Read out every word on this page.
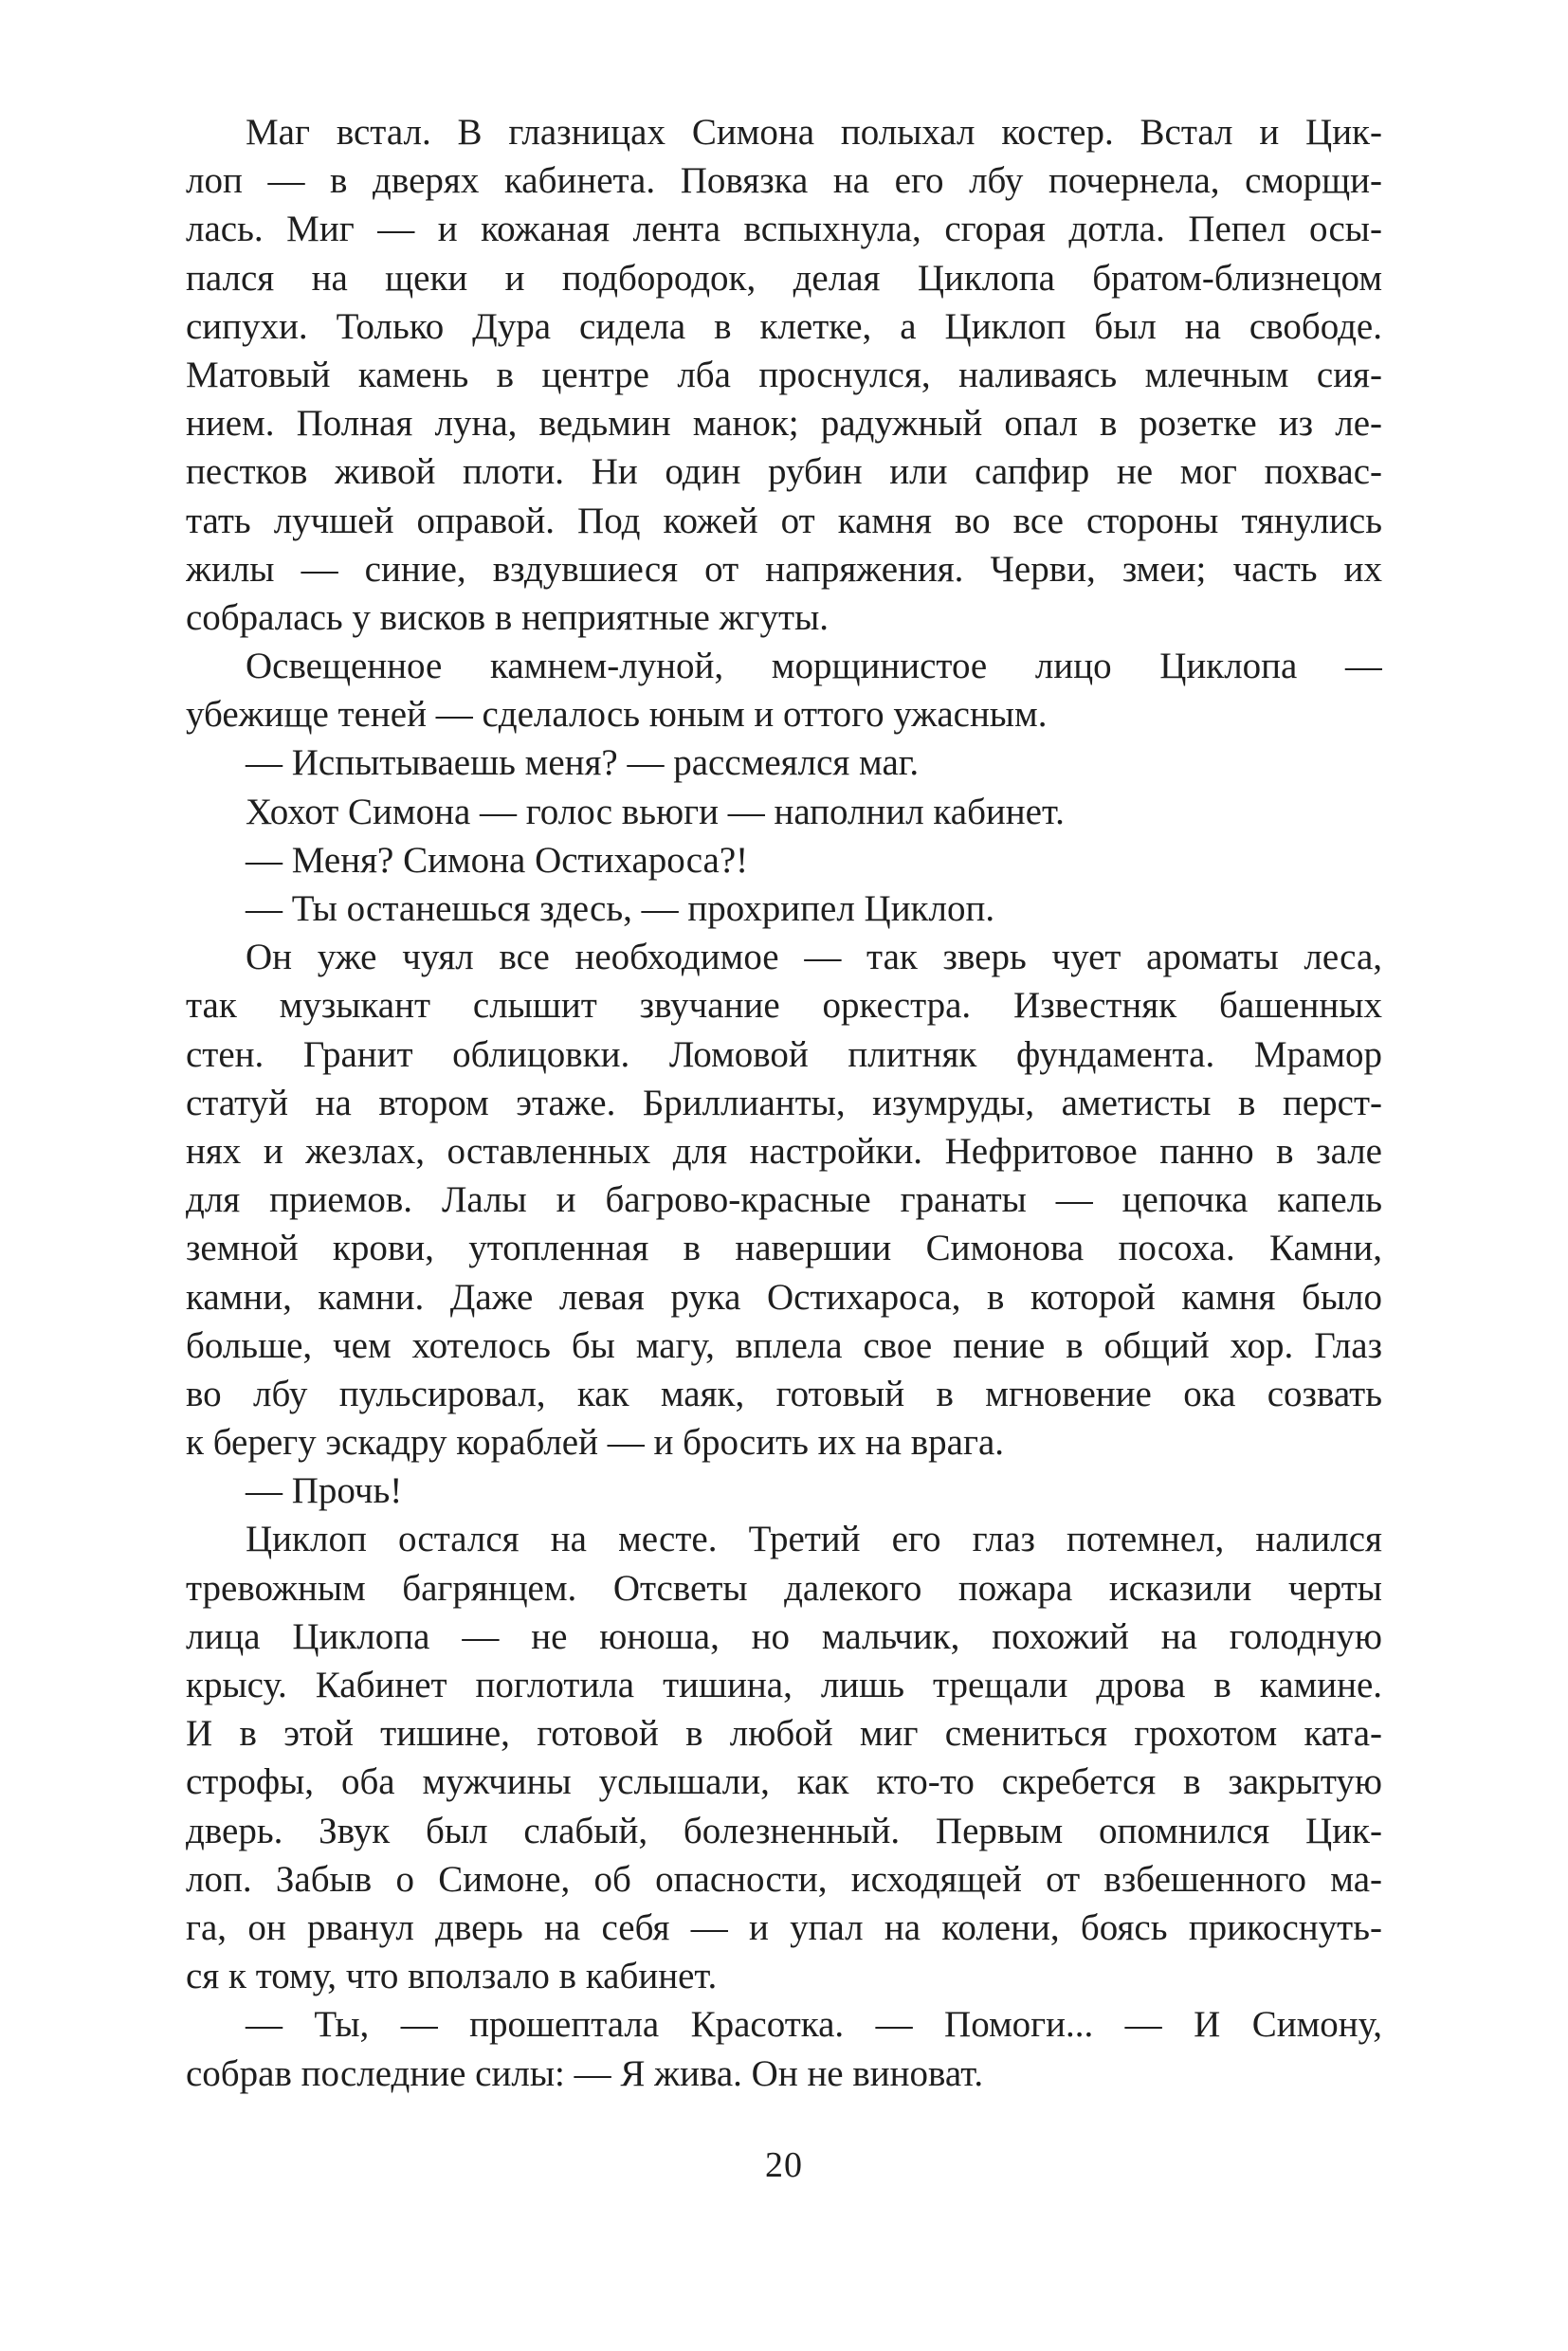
Маг встал. В глазницах Симона полыхал костер. Встал и Цик-
лоп — в дверях кабинета. Повязка на его лбу почернела, сморщи-
лась. Миг — и кожаная лента вспыхнула, сгорая дотла. Пепел осы-
пался на щеки и подбородок, делая Циклопа братом-близнецом
сипухи. Только Дура сидела в клетке, а Циклоп был на свободе.
Матовый камень в центре лба проснулся, наливаясь млечным сия-
нием. Полная луна, ведьмин манок; радужный опал в розетке из ле-
пестков живой плоти. Ни один рубин или сапфир не мог похвас-
тать лучшей оправой. Под кожей от камня во все стороны тянулись
жилы — синие, вздувшиеся от напряжения. Черви, змеи; часть их
собралась у висков в неприятные жгуты.
Освещенное камнем-луной, морщинистое лицо Циклопа —
убежище теней — сделалось юным и оттого ужасным.
— Испытываешь меня? — рассмеялся маг.
Хохот Симона — голос вьюги — наполнил кабинет.
— Меня? Симона Остихароса?!
— Ты останешься здесь, — прохрипел Циклоп.
Он уже чуял все необходимое — так зверь чует ароматы леса,
так музыкант слышит звучание оркестра. Известняк башенных
стен. Гранит облицовки. Ломовой плитняк фундамента. Мрамор
статуй на втором этаже. Бриллианты, изумруды, аметисты в перст-
нях и жезлах, оставленных для настройки. Нефритовое панно в зале
для приемов. Лалы и багрово-красные гранаты — цепочка капель
земной крови, утопленная в навершии Симонова посоха. Камни,
камни, камни. Даже левая рука Остихароса, в которой камня было
больше, чем хотелось бы магу, вплела свое пение в общий хор. Глаз
во лбу пульсировал, как маяк, готовый в мгновение ока созвать
к берегу эскадру кораблей — и бросить их на врага.
— Прочь!
Циклоп остался на месте. Третий его глаз потемнел, налился
тревожным багрянцем. Отсветы далекого пожара исказили черты
лица Циклопа — не юноша, но мальчик, похожий на голодную
крысу. Кабинет поглотила тишина, лишь трещали дрова в камине.
И в этой тишине, готовой в любой миг смениться грохотом ката-
строфы, оба мужчины услышали, как кто-то скребется в закрытую
дверь. Звук был слабый, болезненный. Первым опомнился Цик-
лоп. Забыв о Симоне, об опасности, исходящей от взбешенного ма-
га, он рванул дверь на себя — и упал на колени, боясь прикоснуть-
ся к тому, что вползало в кабинет.
— Ты, — прошептала Красотка. — Помоги... — И Симону,
собрав последние силы: — Я жива. Он не виноват.
20
